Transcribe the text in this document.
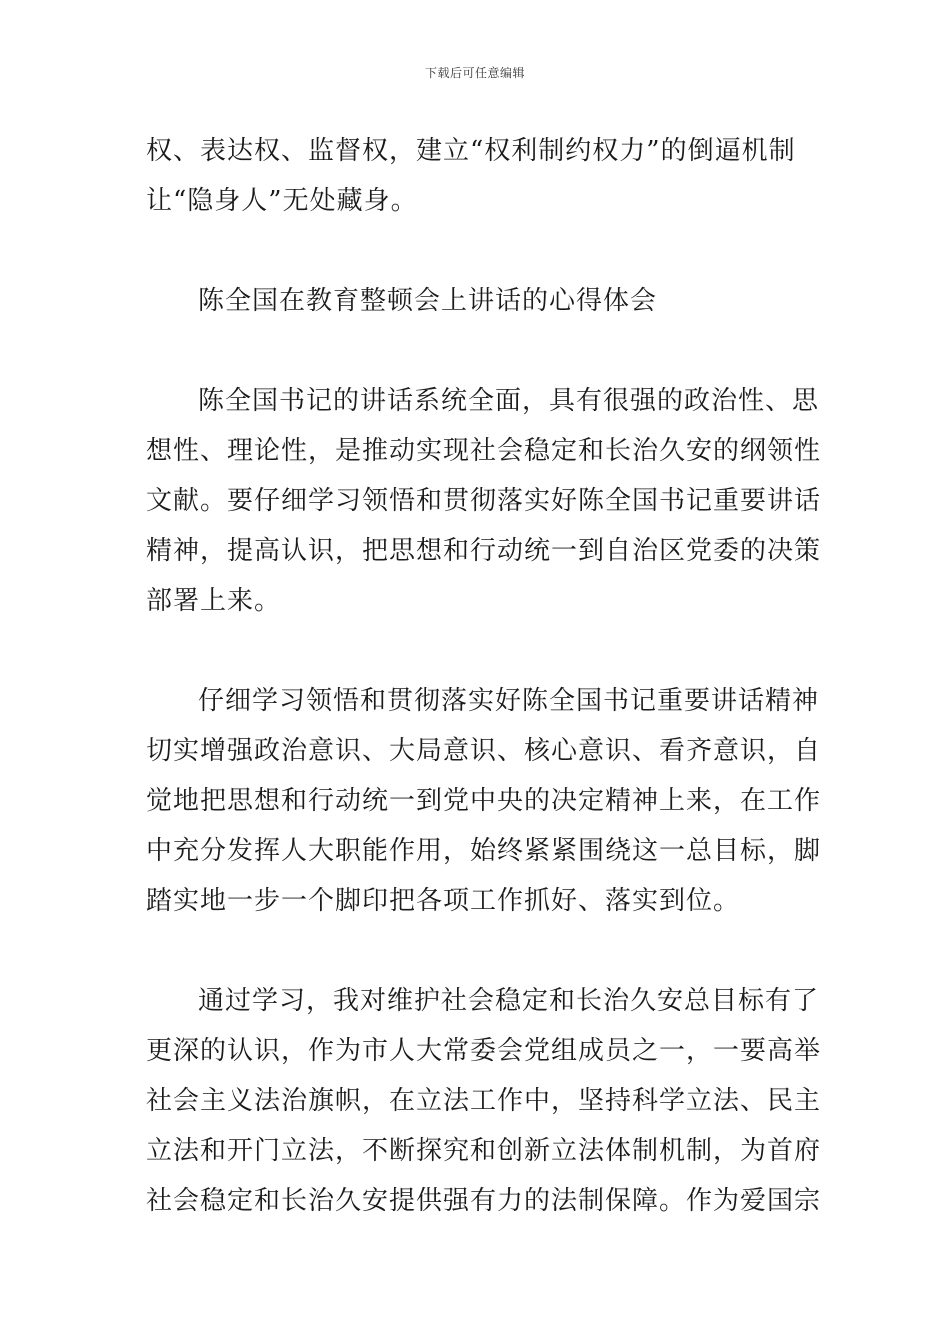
下载后可任意编辑
权、表达权、监督权，建立“权利制约权力”的倒逼机制
让“隐身人”无处藏身。
陈全国在教育整顿会上讲话的心得体会
陈全国书记的讲话系统全面，具有很强的政治性、思
想性、理论性，是推动实现社会稳定和长治久安的纲领性
文献。要仔细学习领悟和贯彻落实好陈全国书记重要讲话
精神，提高认识，把思想和行动统一到自治区党委的决策
部署上来。
仔细学习领悟和贯彻落实好陈全国书记重要讲话精神
切实增强政治意识、大局意识、核心意识、看齐意识，自
觉地把思想和行动统一到党中央的决定精神上来，在工作
中充分发挥人大职能作用，始终紧紧围绕这一总目标，脚
踏实地一步一个脚印把各项工作抓好、落实到位。
通过学习，我对维护社会稳定和长治久安总目标有了
更深的认识，作为市人大常委会党组成员之一，一要高举
社会主义法治旗帜，在立法工作中，坚持科学立法、民主
立法和开门立法，不断探究和创新立法体制机制，为首府
社会稳定和长治久安提供强有力的法制保障。作为爱国宗
